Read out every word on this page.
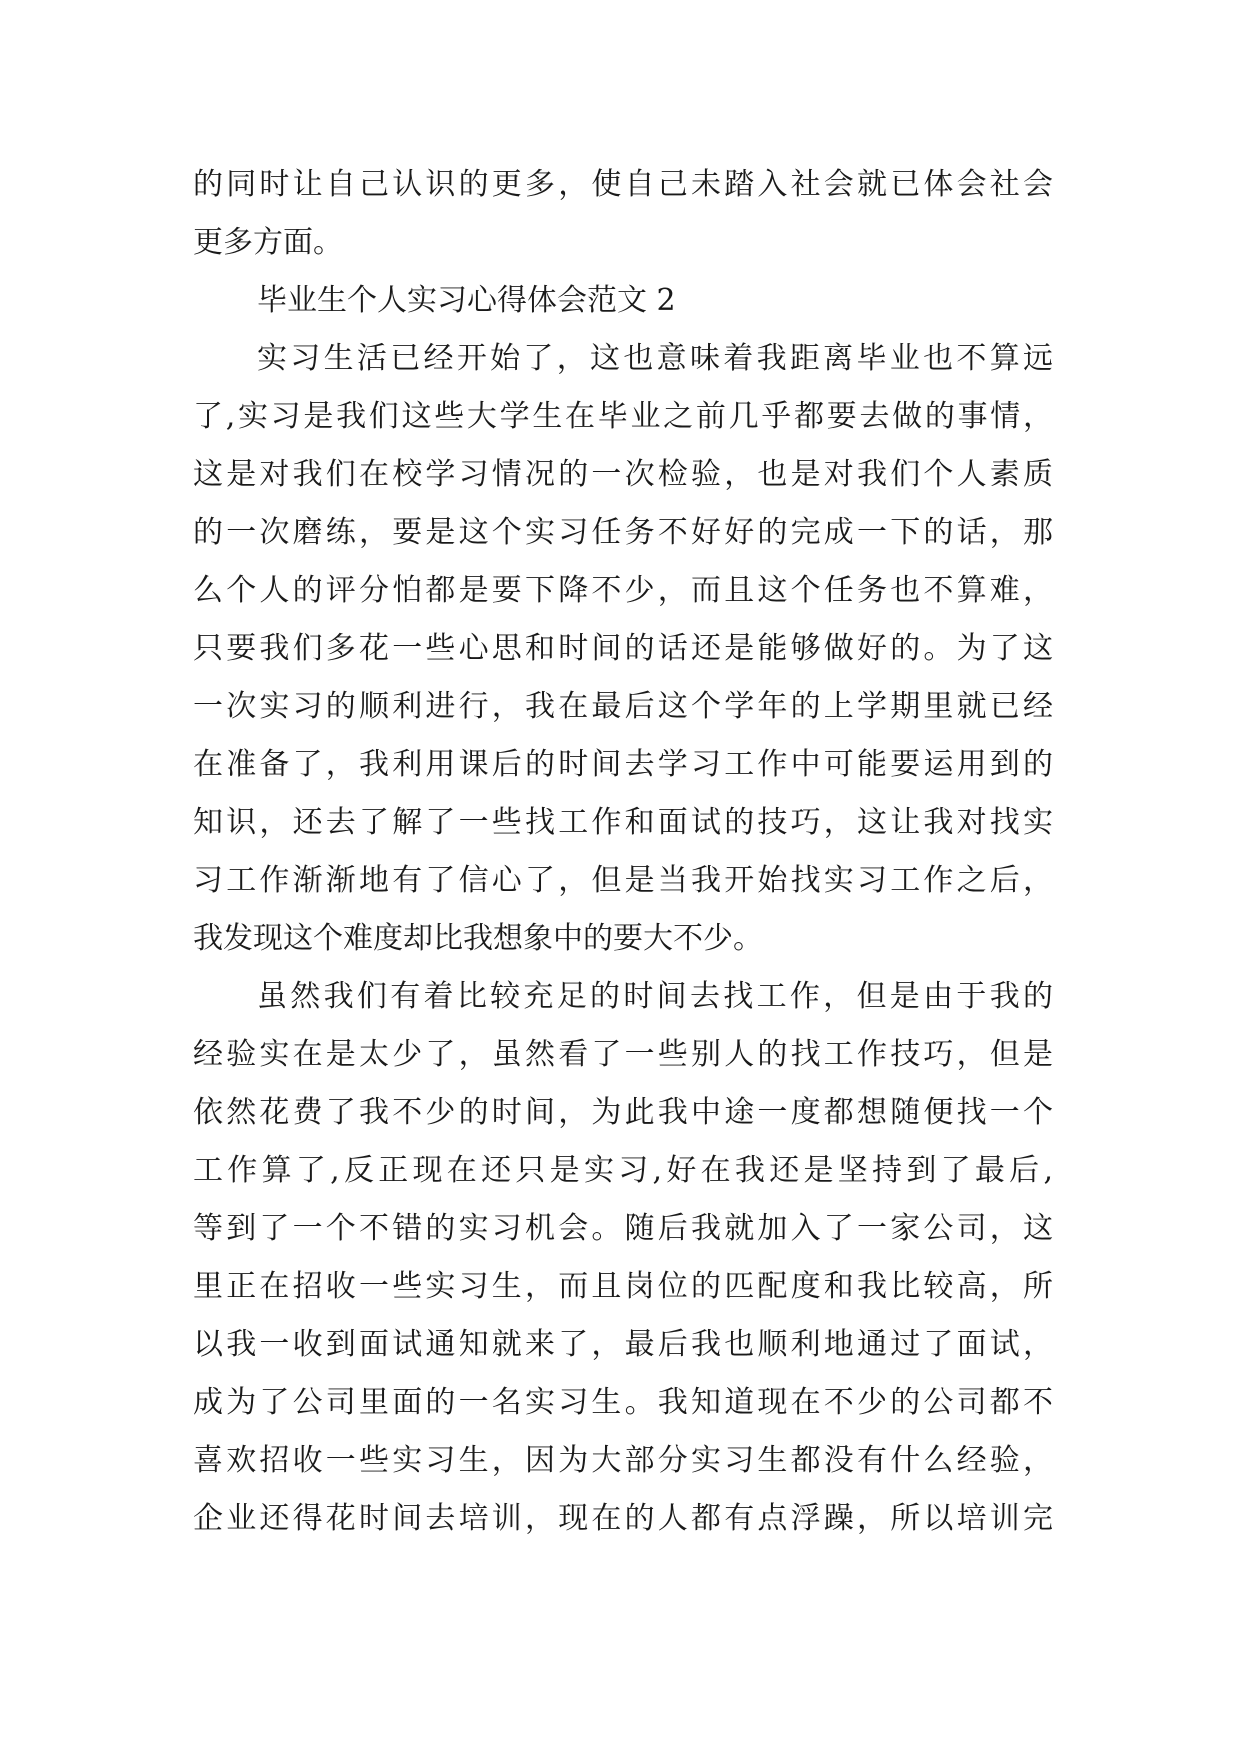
的同时让自己认识的更多，使自己未踏入社会就已体会社会
更多方面。
毕业生个人实习心得体会范文 2
实习生活已经开始了，这也意味着我距离毕业也不算远
了,实习是我们这些大学生在毕业之前几乎都要去做的事情，
这是对我们在校学习情况的一次检验，也是对我们个人素质
的一次磨练，要是这个实习任务不好好的完成一下的话，那
么个人的评分怕都是要下降不少，而且这个任务也不算难，
只要我们多花一些心思和时间的话还是能够做好的。为了这
一次实习的顺利进行，我在最后这个学年的上学期里就已经
在准备了，我利用课后的时间去学习工作中可能要运用到的
知识，还去了解了一些找工作和面试的技巧，这让我对找实
习工作渐渐地有了信心了，但是当我开始找实习工作之后，
我发现这个难度却比我想象中的要大不少。
虽然我们有着比较充足的时间去找工作，但是由于我的
经验实在是太少了，虽然看了一些别人的找工作技巧，但是
依然花费了我不少的时间，为此我中途一度都想随便找一个
工作算了,反正现在还只是实习,好在我还是坚持到了最后,
等到了一个不错的实习机会。随后我就加入了一家公司，这
里正在招收一些实习生，而且岗位的匹配度和我比较高，所
以我一收到面试通知就来了，最后我也顺利地通过了面试，
成为了公司里面的一名实习生。我知道现在不少的公司都不
喜欢招收一些实习生，因为大部分实习生都没有什么经验，
企业还得花时间去培训，现在的人都有点浮躁，所以培训完
